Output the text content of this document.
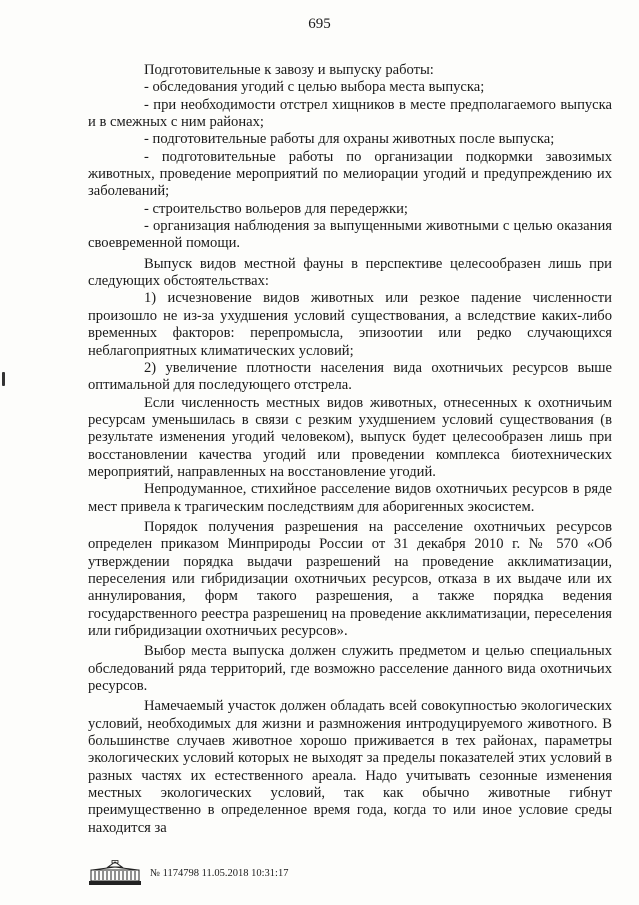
695

Подготовительные к завозу и выпуску работы:

- обследования угодий с целью выбора места выпуска;

- при необходимости отстрел хищников в месте предполагаемого выпуска и в смежных с ним районах;

- подготовительные работы для охраны животных после выпуска;

- подготовительные работы по организации подкормки завозимых животных, проведение мероприятий по мелиорации угодий и предупреждению их заболеваний;

- строительство вольеров для передержки;

- организация наблюдения за выпущенными животными с целью оказания своевременной помощи.

Выпуск видов местной фауны в перспективе целесообразен лишь при следующих обстоятельствах:

1) исчезновение видов животных или резкое падение численности произошло не из-за ухудшения условий существования, а вследствие каких-либо временных факторов: перепромысла, эпизоотии или редко случающихся неблагоприятных климатических условий;

2) увеличение плотности населения вида охотничьих ресурсов выше оптимальной для последующего отстрела.

Если численность местных видов животных, отнесенных к охотничьим ресурсам уменьшилась в связи с резким ухудшением условий существования (в результате изменения угодий человеком), выпуск будет целесообразен лишь при восстановлении качества угодий или проведении комплекса биотехнических мероприятий, направленных на восстановление угодий.

Непродуманное, стихийное расселение видов охотничьих ресурсов в ряде мест привела к трагическим последствиям для аборигенных экосистем.

Порядок получения разрешения на расселение охотничьих ресурсов определен приказом Минприроды России от 31 декабря 2010 г. № 570 «Об утверждении порядка выдачи разрешений на проведение акклиматизации, переселения или гибридизации охотничьих ресурсов, отказа в их выдаче или их аннулирования, форм такого разрешения, а также порядка ведения государственного реестра разрешениц на проведение акклиматизации, переселения или гибридизации охотничьих ресурсов».

Выбор места выпуска должен служить предметом и целью специальных обследований ряда территорий, где возможно расселение данного вида охотничьих ресурсов.

Намечаемый участок должен обладать всей совокупностью экологических условий, необходимых для жизни и размножения интродуцируемого животного. В большинстве случаев животное хорошо приживается в тех районах, параметры экологических условий которых не выходят за пределы показателей этих условий в разных частях их естественного ареала. Надо учитывать сезонные изменения местных экологических условий, так как обычно животные гибнут преимущественно в определенное время года, когда то или иное условие среды находится за

№ 1174798 11.05.2018 10:31:17
